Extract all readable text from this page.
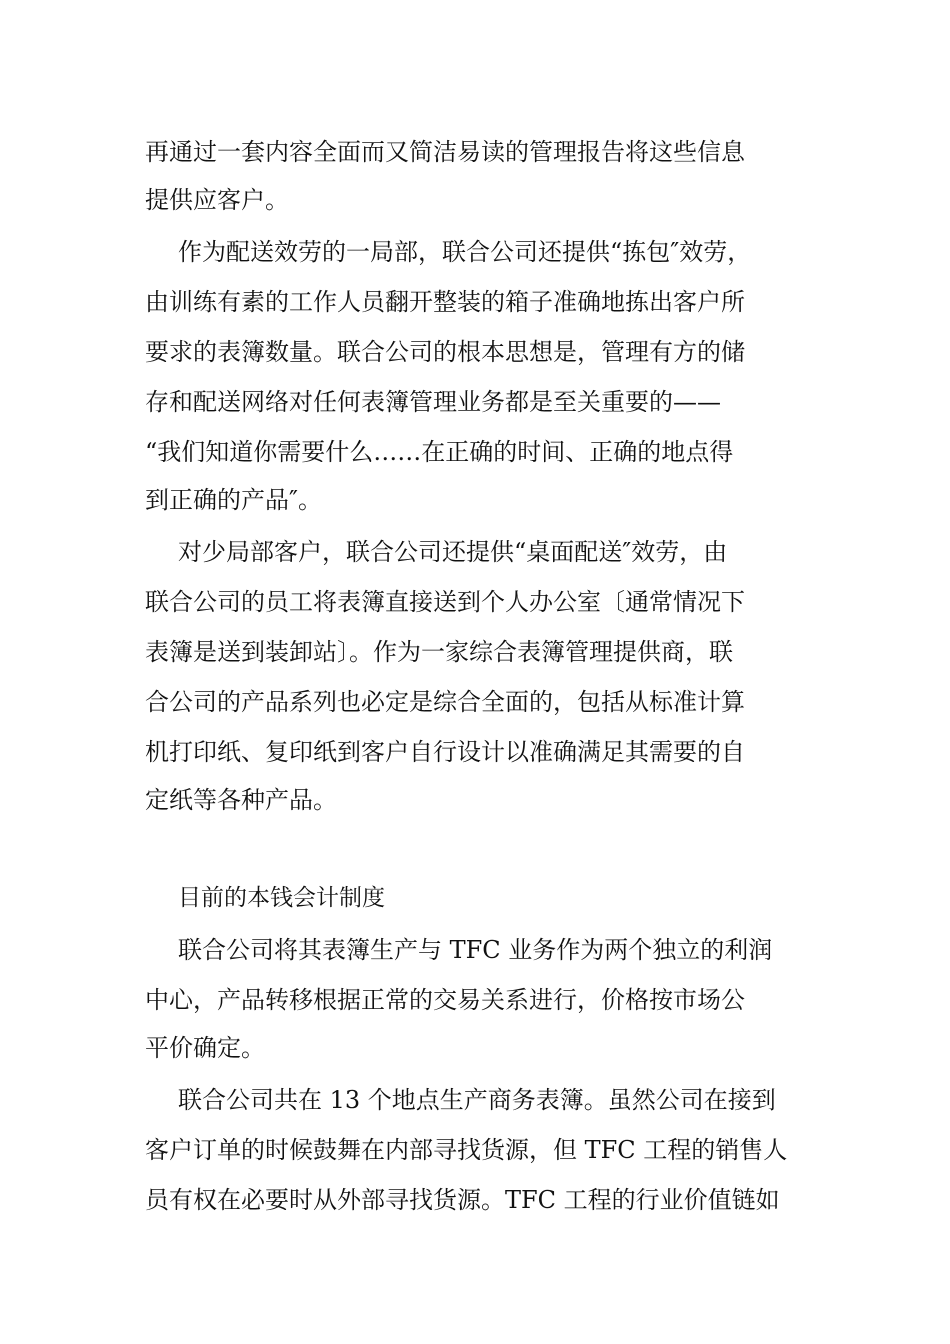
再通过一套内容全面而又简洁易读的管理报告将这些信息
提供应客户。
作为配送效劳的一局部，联合公司还提供“拣包″效劳，
由训练有素的工作人员翻开整装的箱子准确地拣出客户所
要求的表簿数量。联合公司的根本思想是，管理有方的储
存和配送网络对任何表簿管理业务都是至关重要的——
“我们知道你需要什么……在正确的时间、正确的地点得
到正确的产品″。
对少局部客户，联合公司还提供“桌面配送″效劳，由
联合公司的员工将表簿直接送到个人办公室〔通常情况下
表簿是送到装卸站〕。作为一家综合表簿管理提供商，联
合公司的产品系列也必定是综合全面的，包括从标准计算
机打印纸、复印纸到客户自行设计以准确满足其需要的自
定纸等各种产品。
目前的本钱会计制度
联合公司将其表簿生产与 TFC 业务作为两个独立的利润
中心，产品转移根据正常的交易关系进行，价格按市场公
平价确定。
联合公司共在 13 个地点生产商务表簿。虽然公司在接到
客户订单的时候鼓舞在内部寻找货源，但 TFC 工程的销售人
员有权在必要时从外部寻找货源。TFC 工程的行业价值链如
